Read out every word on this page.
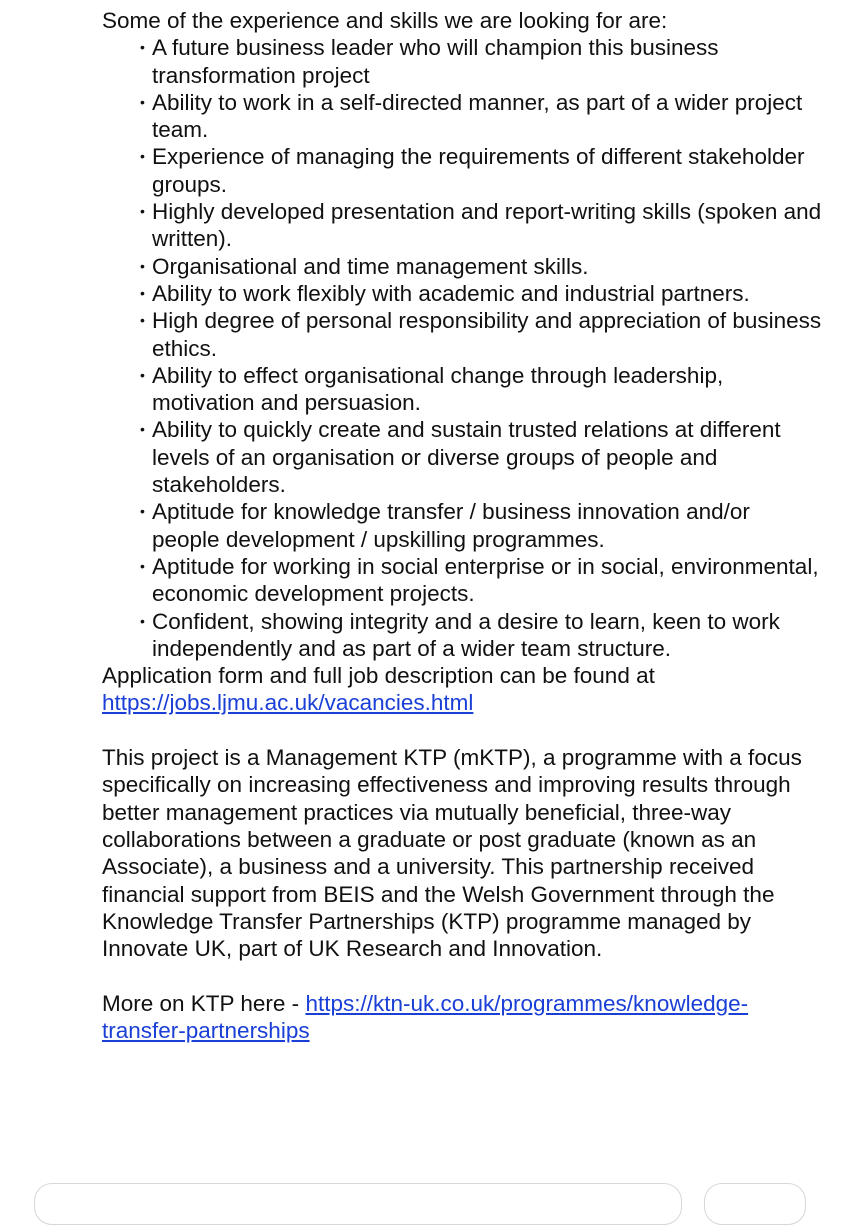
Some of the experience and skills we are looking for are:

• A future business leader who will champion this business transformation project
• Ability to work in a self-directed manner, as part of a wider project team.
• Experience of managing the requirements of different stakeholder groups.
• Highly developed presentation and report-writing skills (spoken and written).
• Organisational and time management skills.
• Ability to work flexibly with academic and industrial partners.
• High degree of personal responsibility and appreciation of business ethics.
• Ability to effect organisational change through leadership, motivation and persuasion.
• Ability to quickly create and sustain trusted relations at different levels of an organisation or diverse groups of people and stakeholders.
• Aptitude for knowledge transfer / business innovation and/or people development / upskilling programmes.
• Aptitude for working in social enterprise or in social, environmental, economic development projects.
• Confident, showing integrity and a desire to learn, keen to work independently and as part of a wider team structure.

Application form and full job description can be found at

https://jobs.ljmu.ac.uk/vacancies.html

This project is a Management KTP (mKTP), a programme with a focus specifically on increasing effectiveness and improving results through better management practices via mutually beneficial, three-way collaborations between a graduate or post graduate (known as an Associate), a business and a university. This partnership received financial support from BEIS and the Welsh Government through the Knowledge Transfer Partnerships (KTP) programme managed by Innovate UK, part of UK Research and Innovation.

More on KTP here - https://ktn-uk.co.uk/programmes/knowledge-transfer-partnerships
